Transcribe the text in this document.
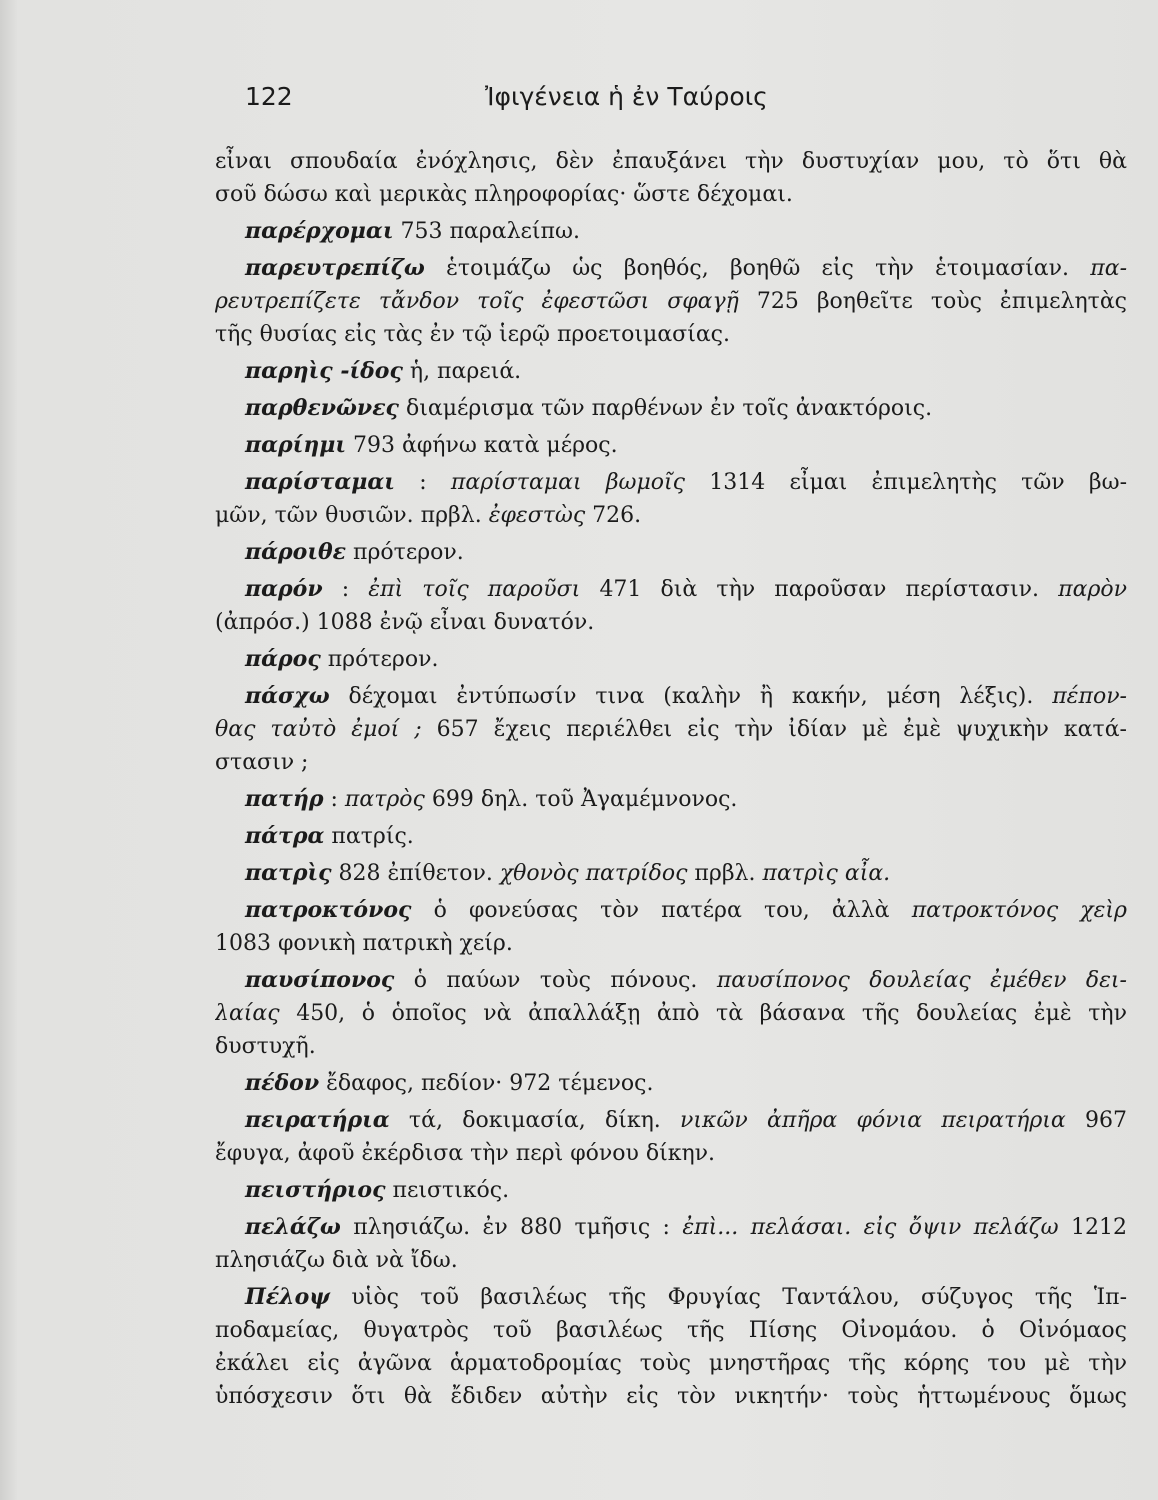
122	Ἰφιγένεια ἡ ἐν Ταύροις

εἶναι σπουδαία ἐνόχλησις, δὲν ἐπαυξάνει τὴν δυστυχίαν μου, τὸ ὅτι θὰ

σοῦ δώσω καὶ μερικὰς πληροφορίας· ὥστε δέχομαι.

παρέρχομαι 753 παραλείπω.

παρευτρεπίζω ἑτοιμάζω ὡς βοηθός, βοηθῶ εἰς τὴν ἑτοιμασίαν. πα-

ρευτρεπίζετε τἄνδον τοῖς ἐφεστῶσι σφαγῇ 725 βοηθεῖτε τοὺς ἐπιμελητὰς

τῆς θυσίας εἰς τὰς ἐν τῷ ἱερῷ προετοιμασίας.

παρηὶς -ίδος ἡ, παρειά.

παρθενῶνες διαμέρισμα τῶν παρθένων ἐν τοῖς ἀνακτόροις.

παρίημι 793 ἀφήνω κατὰ μέρος.

παρίσταμαι : παρίσταμαι βωμοῖς 1314 εἶμαι ἐπιμελητὴς τῶν βω-

μῶν, τῶν θυσιῶν. πρβλ. ἐφεστὼς 726.

πάροιθε πρότερον.

παρόν : ἐπὶ τοῖς παροῦσι 471 διὰ τὴν παροῦσαν περίστασιν. παρὸν

(ἀπρόσ.) 1088 ἐνῷ εἶναι δυνατόν.

πάρος πρότερον.

πάσχω δέχομαι ἐντύπωσίν τινα (καλὴν ἢ κακήν, μέση λέξις). πέπον-

θας ταὐτὸ ἐμοί ; 657 ἔχεις περιέλθει εἰς τὴν ἰδίαν μὲ ἐμὲ ψυχικὴν κατά-

στασιν ;

πατήρ : πατρὸς 699 δηλ. τοῦ Ἀγαμέμνονος.

πάτρα πατρίς.

πατρὶς 828 ἐπίθετον. χθονὸς πατρίδος πρβλ. πατρὶς αἶα.

πατροκτόνος ὁ φονεύσας τὸν πατέρα του, ἀλλὰ πατροκτόνος χεὶρ

1083 φονικὴ πατρικὴ χείρ.

παυσίπονος ὁ παύων τοὺς πόνους. παυσίπονος δουλείας ἐμέθεν δει-

λαίας 450, ὁ ὁποῖος νὰ ἀπαλλάξῃ ἀπὸ τὰ βάσανα τῆς δουλείας ἐμὲ τὴν

δυστυχῆ.

πέδον ἔδαφος, πεδίον· 972 τέμενος.

πειρατήρια τά, δοκιμασία, δίκη. νικῶν ἀπῆρα φόνια πειρατήρια 967

ἔφυγα, ἀφοῦ ἐκέρδισα τὴν περὶ φόνου δίκην.

πειστήριος πειστικός.

πελάζω πλησιάζω. ἐν 880 τμῆσις : ἐπὶ... πελάσαι. εἰς ὄψιν πελάζω 1212

πλησιάζω διὰ νὰ ἴδω.

Πέλοψ υἱὸς τοῦ βασιλέως τῆς Φρυγίας Ταντάλου, σύζυγος τῆς Ἱπ-

ποδαμείας, θυγατρὸς τοῦ βασιλέως τῆς Πίσης Οἰνομάου. ὁ Οἰνόμαος

ἐκάλει εἰς ἀγῶνα ἁρματοδρομίας τοὺς μνηστῆρας τῆς κόρης του μὲ τὴν

ὑπόσχεσιν ὅτι θὰ ἔδιδεν αὐτὴν εἰς τὸν νικητήν· τοὺς ἡττωμένους ὅμως
